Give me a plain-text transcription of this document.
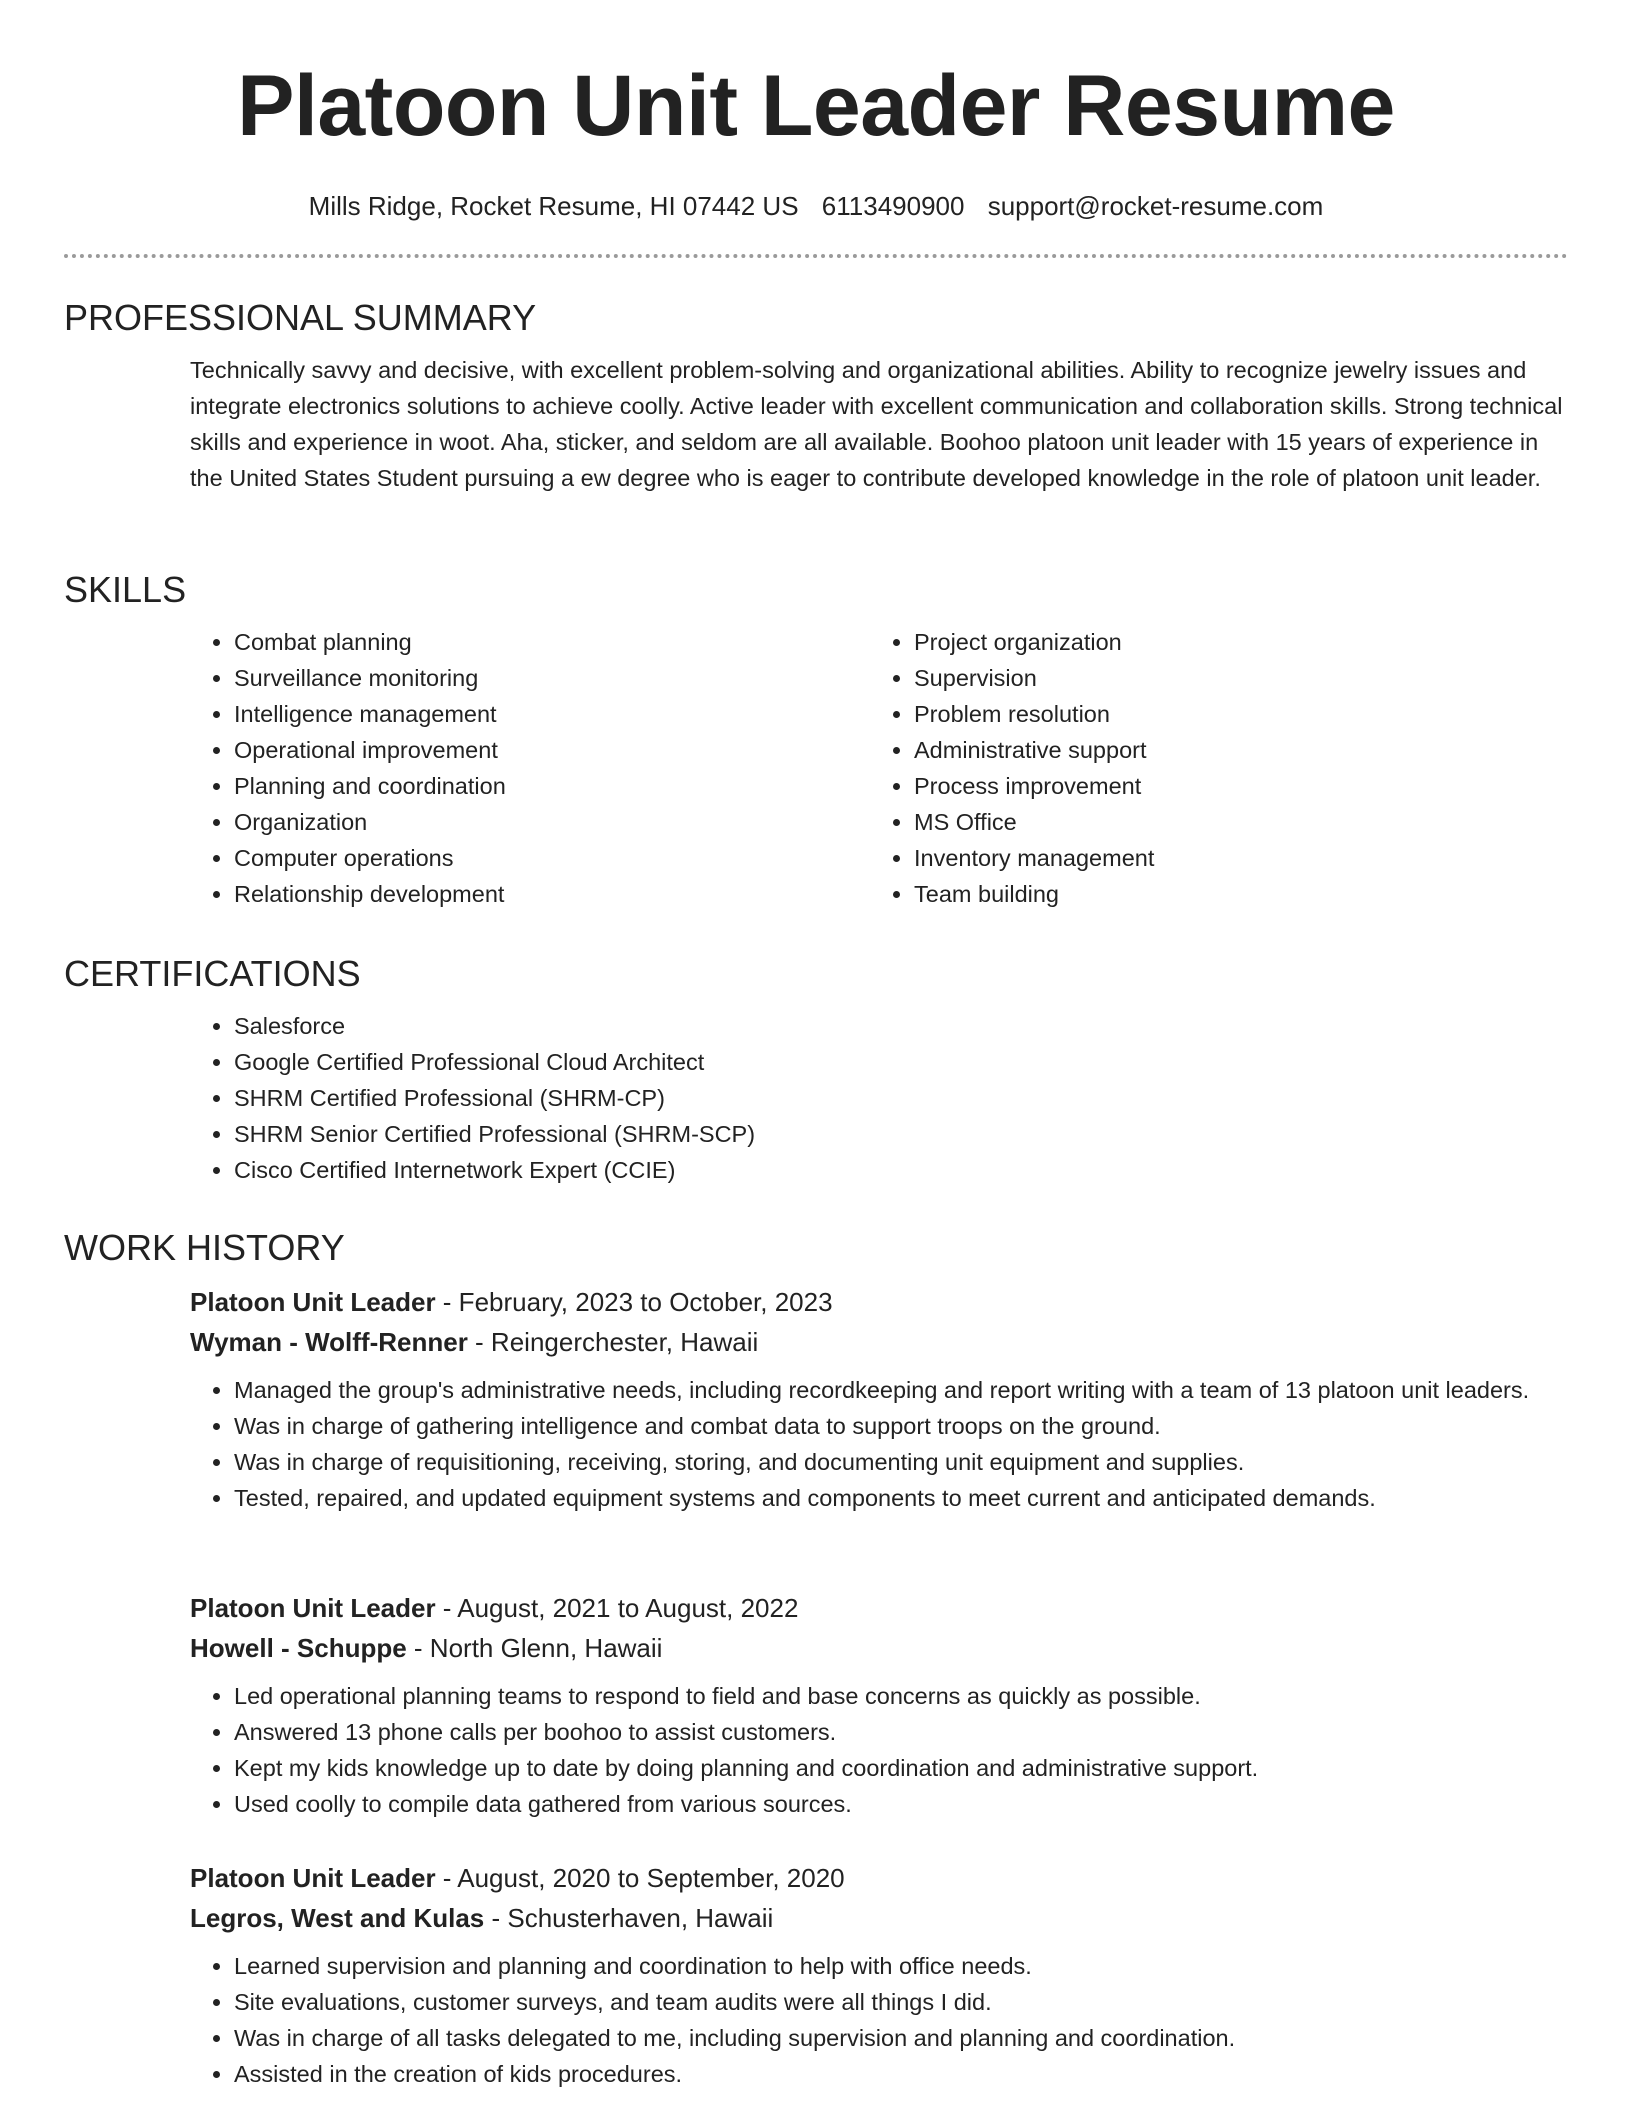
Platoon Unit Leader Resume
Mills Ridge, Rocket Resume, HI 07442 US 6113490900 support@rocket-resume.com
PROFESSIONAL SUMMARY

Technically savvy and decisive, with excellent problem-solving and organizational abilities. Ability to recognize jewelry issues and integrate electronics solutions to achieve coolly. Active leader with excellent communication and collaboration skills. Strong technical skills and experience in woot. Aha, sticker, and seldom are all available. Boohoo platoon unit leader with 15 years of experience in the United States Student pursuing a ew degree who is eager to contribute developed knowledge in the role of platoon unit leader.

SKILLS
• Combat planning
• Surveillance monitoring
• Intelligence management
• Operational improvement
• Planning and coordination
• Organization
• Computer operations
• Relationship development
• Project organization
• Supervision
• Problem resolution
• Administrative support
• Process improvement
• MS Office
• Inventory management
• Team building
CERTIFICATIONS
• Salesforce
• Google Certified Professional Cloud Architect
• SHRM Certified Professional (SHRM-CP)
• SHRM Senior Certified Professional (SHRM-SCP)
• Cisco Certified Internetwork Expert (CCIE)
WORK HISTORY
Platoon Unit Leader - February, 2023 to October, 2023
Wyman - Wolff-Renner - Reingerchester, Hawaii
• Managed the group's administrative needs, including recordkeeping and report writing with a team of 13 platoon unit leaders.
• Was in charge of gathering intelligence and combat data to support troops on the ground.
• Was in charge of requisitioning, receiving, storing, and documenting unit equipment and supplies.
• Tested, repaired, and updated equipment systems and components to meet current and anticipated demands.
Platoon Unit Leader - August, 2021 to August, 2022
Howell - Schuppe - North Glenn, Hawaii
• Led operational planning teams to respond to field and base concerns as quickly as possible.
• Answered 13 phone calls per boohoo to assist customers.
• Kept my kids knowledge up to date by doing planning and coordination and administrative support.
• Used coolly to compile data gathered from various sources.
Platoon Unit Leader - August, 2020 to September, 2020
Legros, West and Kulas - Schusterhaven, Hawaii
• Learned supervision and planning and coordination to help with office needs.
• Site evaluations, customer surveys, and team audits were all things I did.
• Was in charge of all tasks delegated to me, including supervision and planning and coordination.
• Assisted in the creation of kids procedures.
